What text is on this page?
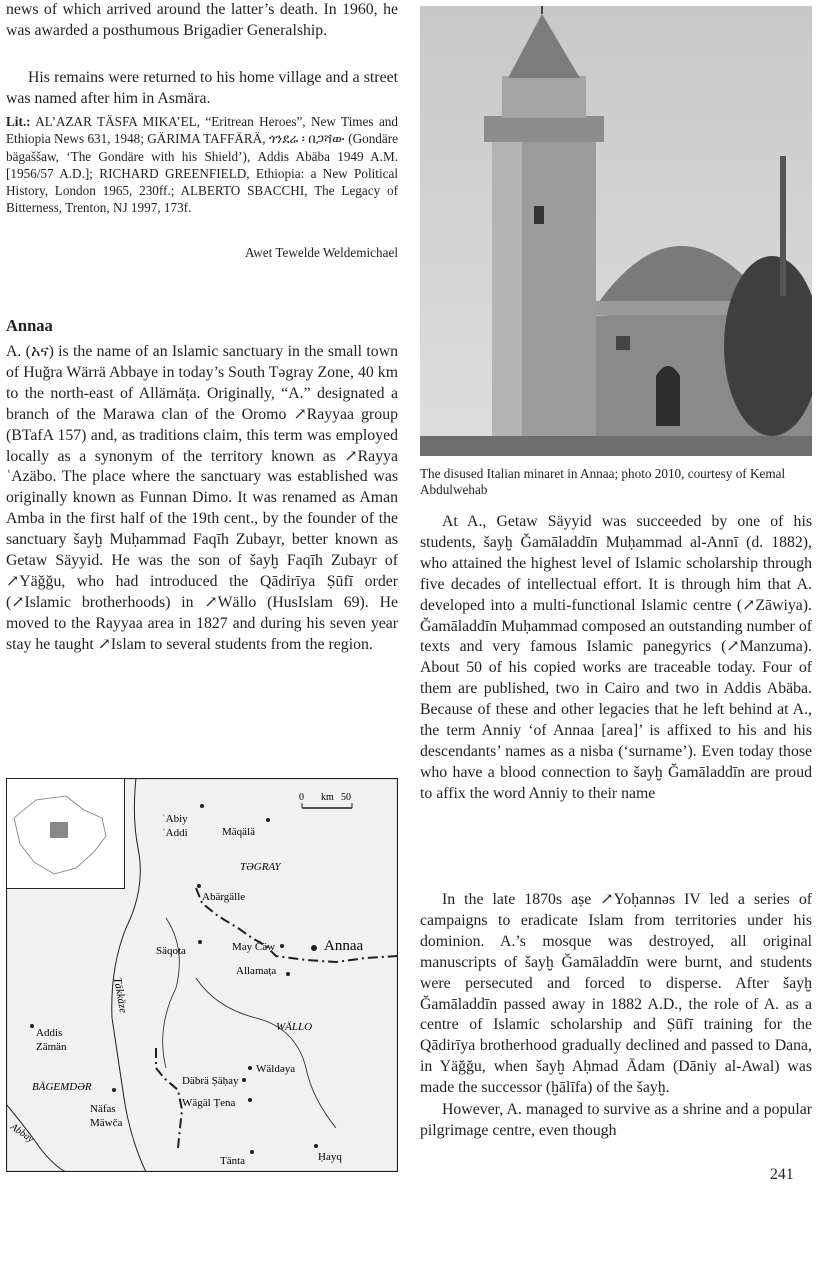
news of which arrived around the latter’s death. In 1960, he was awarded a posthumous Brigadier Generalship.

His remains were returned to his home village and a street was named after him in Asmära.

Lit.: AL’AZAR TÄSFA MIKA’EL, “Eritrean Heroes”, New Times and Ethiopia News 631, 1948; GÄRIMA TAFFÄRÄ, ጎንደሬ ፡ በጋሻው (Gondäre bägaššaw, ‘The Gondäre with his Shield’), Addis Abäba 1949 A.M. [1956/57 A.D.]; RICHARD GREENFIELD, Ethiopia: a New Political History, London 1965, 230ff.; ALBERTO SBACCHI, The Legacy of Bitterness, Trenton, NJ 1997, 173f.

Awet Tewelde Weldemichael

Annaa

A. (አና) is the name of an Islamic sanctuary in the small town of Huğra Wärrä Abbaye in today’s South Təgray Zone, 40 km to the north-east of Allämäṭa. Originally, “A.” designated a branch of the Marawa clan of the Oromo ↗Rayyaa group (BTafA 157) and, as traditions claim, this term was employed locally as a synonym of the territory known as ↗Rayya ʿAzäbo. The place where the sanctuary was established was originally known as Funnan Dimo. It was renamed as Aman Amba in the first half of the 19th cent., by the founder of the sanctuary šayḫ Muḥammad Faqīh Zubayr, better known as Getaw Säyyid. He was the son of šayḫ Faqīh Zubayr of ↗Yäğğu, who had introduced the Qādirīya Ṣūfī order (↗Islamic brotherhoods) in ↗Wällo (HusIslam 69). He moved to the Rayyaa area in 1827 and during his seven year stay he taught ↗Islam to several students from the region.

0 km 50
ʿAbiy
ʿAddi	Mäqälä
TƏGRAY
Abärgälle
Säqota	May Čäw	Annaa
Allamaṭa
Täkkäze
Addis
Zämän
WÄLLO
BÄGEMDƏR
Wäldəya
Däbrä Ṣäḥay
Wägäl Ṭena
Näfas
Mäwča
Abbay
Tänta	Ḥayq

The disused Italian minaret in Annaa; photo 2010, courtesy of Kemal Abdulwehab

At A., Getaw Säyyid was succeeded by one of his students, šayḫ Ğamāladdīn Muḥammad al-Annī (d. 1882), who attained the highest level of Islamic scholarship through five decades of intellectual effort. It is through him that A. developed into a multi-functional Islamic centre (↗Zāwiya). Ğamāladdīn Muḥammad composed an outstanding number of texts and very famous Islamic panegyrics (↗Manzuma). About 50 of his copied works are traceable today. Four of them are published, two in Cairo and two in Addis Abäba. Because of these and other legacies that he left behind at A., the term Anniy ‘of Annaa [area]’ is affixed to his and his descendants’ names as a nisba (‘surname’). Even today those who have a blood connection to šayḫ Ğamāladdīn are proud to affix the word Anniy to their name

In the late 1870s aṣe ↗Yoḥannəs IV led a series of campaigns to eradicate Islam from territories under his dominion. A.’s mosque was destroyed, all original manuscripts of šayḫ Ğamāladdīn were burnt, and students were persecuted and forced to disperse. After šayḫ Ğamāladdīn passed away in 1882 A.D., the role of A. as a centre of Islamic scholarship and Ṣūfī training for the Qādirīya brotherhood gradually declined and passed to Dana, in Yäğğu, when šayḫ Aḥmad Ādam (Dāniy al-Awal) was made the successor (ḫālīfa) of the šayḫ.

However, A. managed to survive as a shrine and a popular pilgrimage centre, even though

241
